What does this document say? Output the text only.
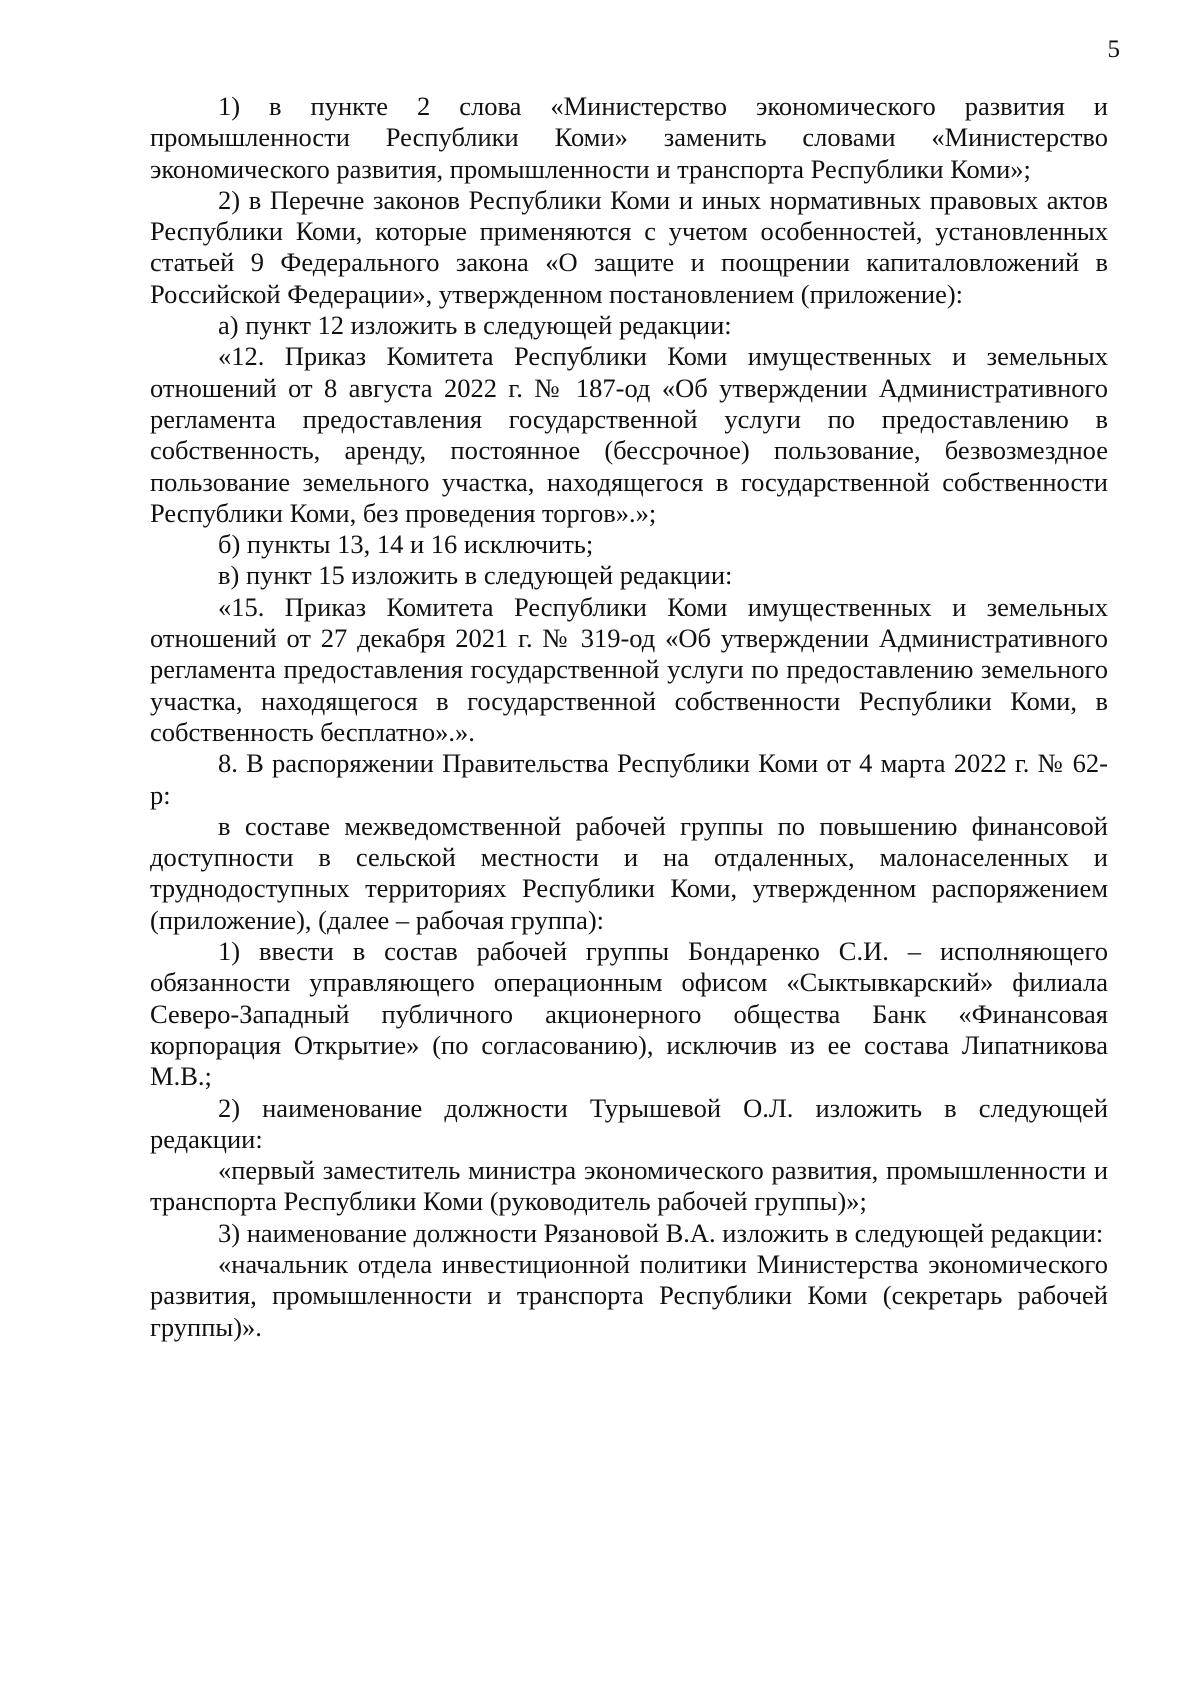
5

1) в пункте 2 слова «Министерство экономического развития и промышленности Республики Коми» заменить словами «Министерство экономического развития, промышленности и транспорта Республики Коми»;

2) в Перечне законов Республики Коми и иных нормативных правовых актов Республики Коми, которые применяются с учетом особенностей, установленных статьей 9 Федерального закона «О защите и поощрении капиталовложений в Российской Федерации», утвержденном постановлением (приложение):

а) пункт 12 изложить в следующей редакции:

«12. Приказ Комитета Республики Коми имущественных и земельных отношений от 8 августа 2022 г. № 187-од «Об утверждении Административного регламента предоставления государственной услуги по предоставлению в собственность, аренду, постоянное (бессрочное) пользование, безвозмездное пользование земельного участка, находящегося в государственной собственности Республики Коми, без проведения торгов».»;

б) пункты 13, 14 и 16 исключить;

в) пункт 15 изложить в следующей редакции:

«15. Приказ Комитета Республики Коми имущественных и земельных отношений от 27 декабря 2021 г. № 319-од «Об утверждении Административного регламента предоставления государственной услуги по предоставлению земельного участка, находящегося в государственной собственности Республики Коми, в собственность бесплатно».».

8. В распоряжении Правительства Республики Коми от 4 марта 2022 г. № 62-р:

в составе межведомственной рабочей группы по повышению финансовой доступности в сельской местности и на отдаленных, малонаселенных и труднодоступных территориях Республики Коми, утвержденном распоряжением (приложение), (далее – рабочая группа):

1) ввести в состав рабочей группы Бондаренко С.И. – исполняющего обязанности управляющего операционным офисом «Сыктывкарский» филиала Северо-Западный публичного акционерного общества Банк «Финансовая корпорация Открытие» (по согласованию), исключив из ее состава Липатникова М.В.;

2) наименование должности Турышевой О.Л. изложить в следующей редакции:

«первый заместитель министра экономического развития, промышленности и транспорта Республики Коми (руководитель рабочей группы)»;

3) наименование должности Рязановой В.А. изложить в следующей редакции:

«начальник отдела инвестиционной политики Министерства экономического развития, промышленности и транспорта Республики Коми (секретарь рабочей группы)».
